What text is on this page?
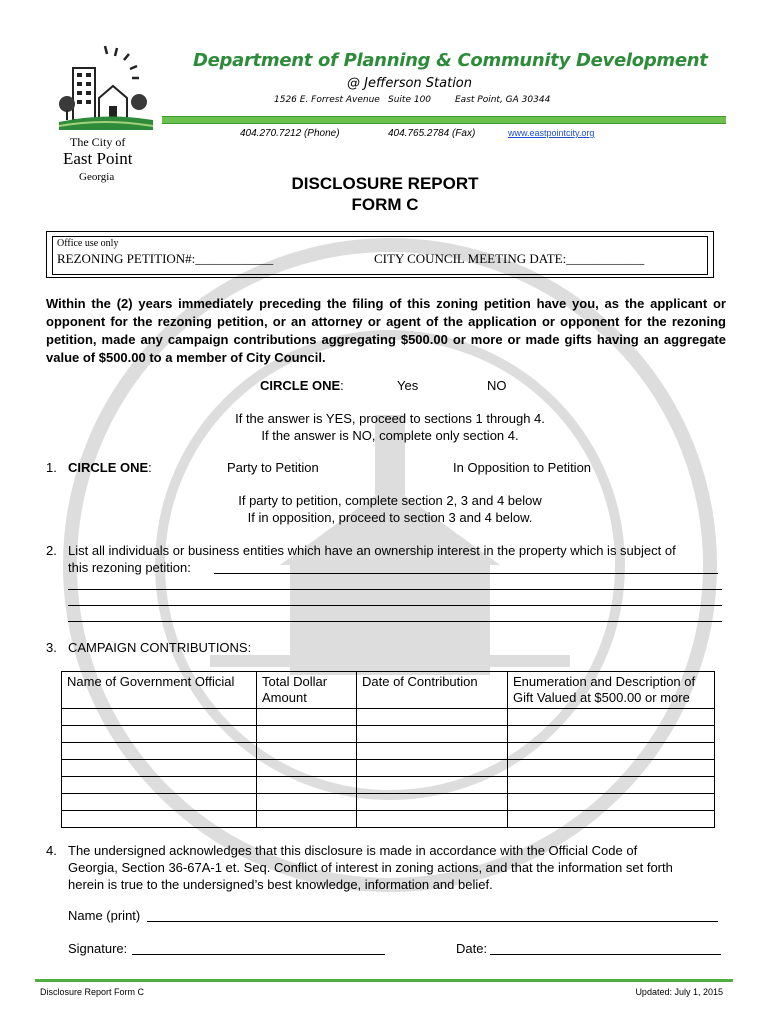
The City of
East Point
Georgia
Department of Planning & Community Development
@ Jefferson Station
1526 E. Forrest Avenue Suite 100	East Point, GA 30344
404.270.7212 (Phone)	404.765.2784 (Fax)	www.eastpointcity.org
DISCLOSURE REPORT
FORM C
Office use only
REZONING PETITION#:____________	CITY COUNCIL MEETING DATE:____________
Within the (2) years immediately preceding the filing of this zoning petition have you, as the applicant or opponent for the rezoning petition, or an attorney or agent of the application or opponent for the rezoning petition, made any campaign contributions aggregating $500.00 or more or made gifts having an aggregate value of $500.00 to a member of City Council.
CIRCLE ONE:	Yes	NO
If the answer is YES, proceed to sections 1 through 4.
If the answer is NO, complete only section 4.
1. CIRCLE ONE:	Party to Petition	In Opposition to Petition
If party to petition, complete section 2, 3 and 4 below
If in opposition, proceed to section 3 and 4 below.
2. List all individuals or business entities which have an ownership interest in the property which is subject of
this rezoning petition:
3. CAMPAIGN CONTRIBUTIONS:
Name of Government Official	Total Dollar Amount	Date of Contribution	Enumeration and Description of Gift Valued at $500.00 or more

4. The undersigned acknowledges that this disclosure is made in accordance with the Official Code of
Georgia, Section 36-67A-1 et. Seq. Conflict of interest in zoning actions, and that the information set forth
herein is true to the undersigned’s best knowledge, information and belief.
Name (print)
Signature:	Date:
Disclosure Report Form C	Updated: July 1, 2015
